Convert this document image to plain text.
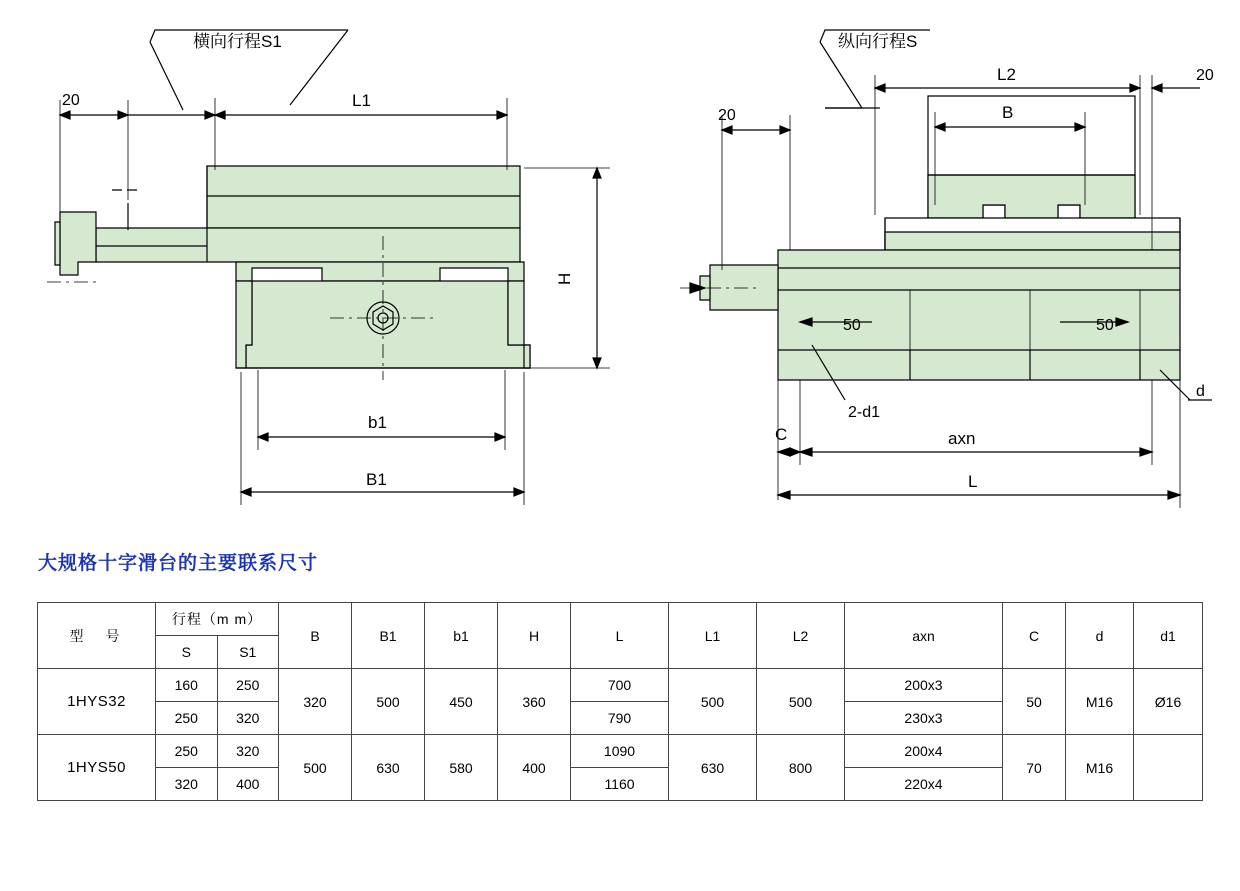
横向行程S1
20	L1
H
b1
B1
纵向行程S
L2	20
B
20
50	50
2-d1
d
C	axn
L
大规格十字滑台的主要联系尺寸
型　号	行程（m m）		B	B1	b1	H	L	L1	L2	axn	C	d	d1
	S	S1											
1HYS32	160	250	320	500	450	360	700	500	500	200x3	50	M16	Ø16
	250	320					790			230x3			
1HYS50	250	320	500	630	580	400	1090	630	800	200x4	70	M16	
	320	400					1160			220x4			
